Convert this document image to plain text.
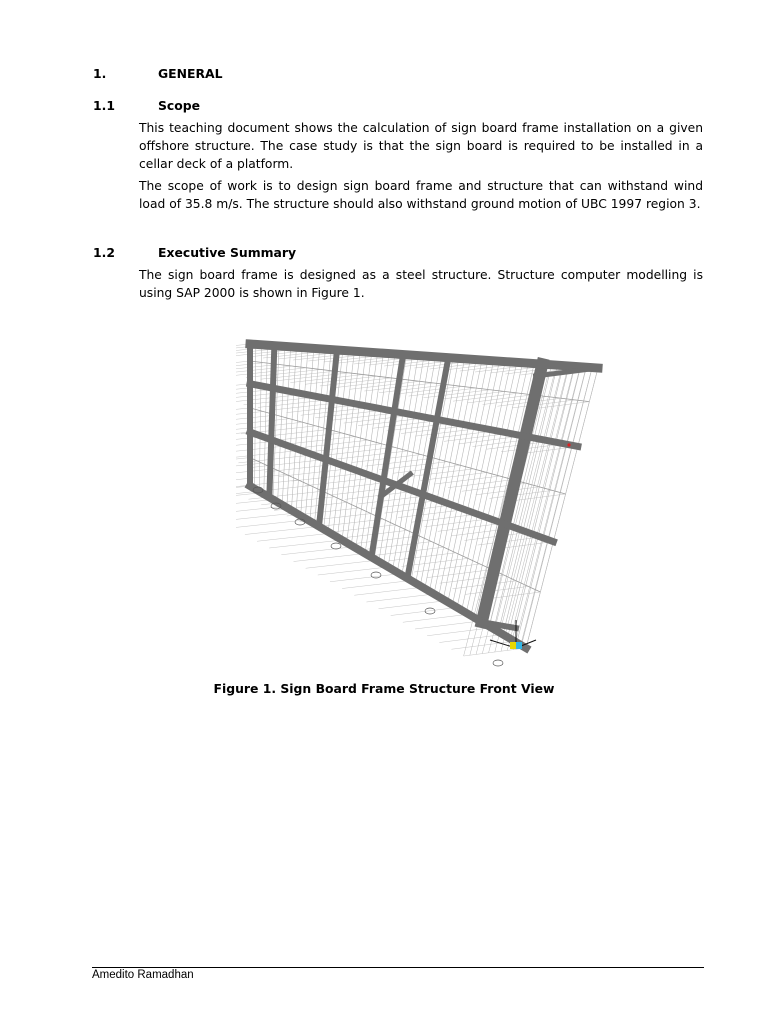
1.	GENERAL
1.1	Scope

This teaching document shows the calculation of sign board frame installation on a given offshore structure. The case study is that the sign board is required to be installed in a cellar deck of a platform.

The scope of work is to design sign board frame and structure that can withstand wind load of 35.8 m/s. The structure should also withstand ground motion of UBC 1997 region 3.

1.2	Executive Summary

The sign board frame is designed as a steel structure. Structure computer modelling is using SAP 2000 is shown in Figure 1.

Figure 1. Sign Board Frame Structure Front View
Amedito Ramadhan
